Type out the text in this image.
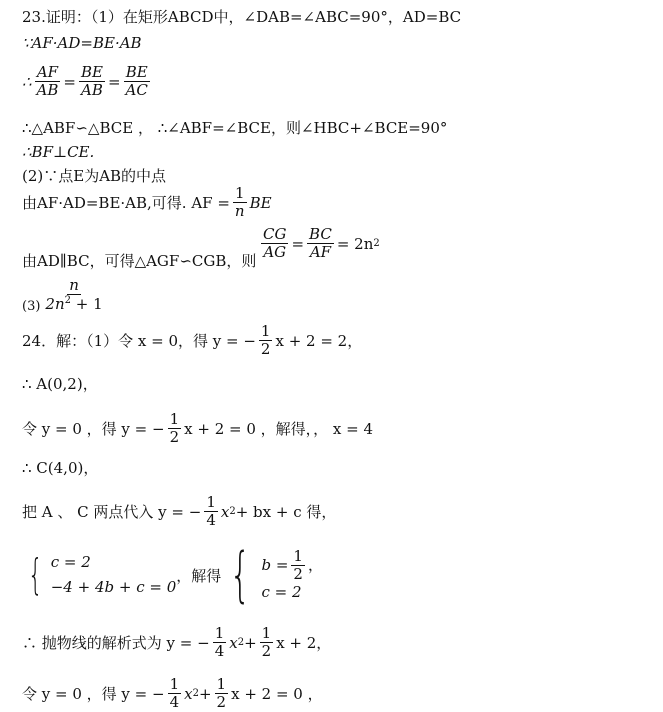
23.证明：（1）在矩形ABCD中，∠DAB=∠ABC=90°，AD=BC
∵AF·AD=BE·AB
∴ $\frac{AF}{AB} = \frac{BE}{AB} = \frac{BE}{AC}$
∴△ABF∽△BCE ， ∴∠ABF=∠BCE，则∠HBC+∠BCE=90°
∴BF⊥CE.
(2)∵点E为AB的中点
由AF·AD=BE·AB,可得. AF = $\frac{1}{n}$ BE
$\frac{CG}{AG} = \frac{BC}{AF} = 2n$ 2
由AD∥BC，可得△AGF∽CGB，则
(3)
n
$2n^2 + 1$
24．解：（1）令 x = 0，得 y = − $\frac{1}{2}$ x + 2 = 2，
∴ A(0,2)，
令 y = 0 ，得 y = − $\frac{1}{2}$ x + 2 = 0 ，解得，， x = 4
∴ C(4,0)，
把 A 、 C 两点代入 y = − $\frac{1}{4}$ x 2 + bx + c 得，
{ c = 2
−4 + 4b + c = 0
，解得 { $b = \frac{1}{2}$ ，
c = 2
∴ 抛物线的解析式为 y = − $\frac{1}{4}$ x $2 + \frac{1}{2}$ x + 2，
令 y = 0 ，得 y = − $\frac{1}{4}$ x $2 + \frac{1}{2}$ x + 2 = 0 ，
